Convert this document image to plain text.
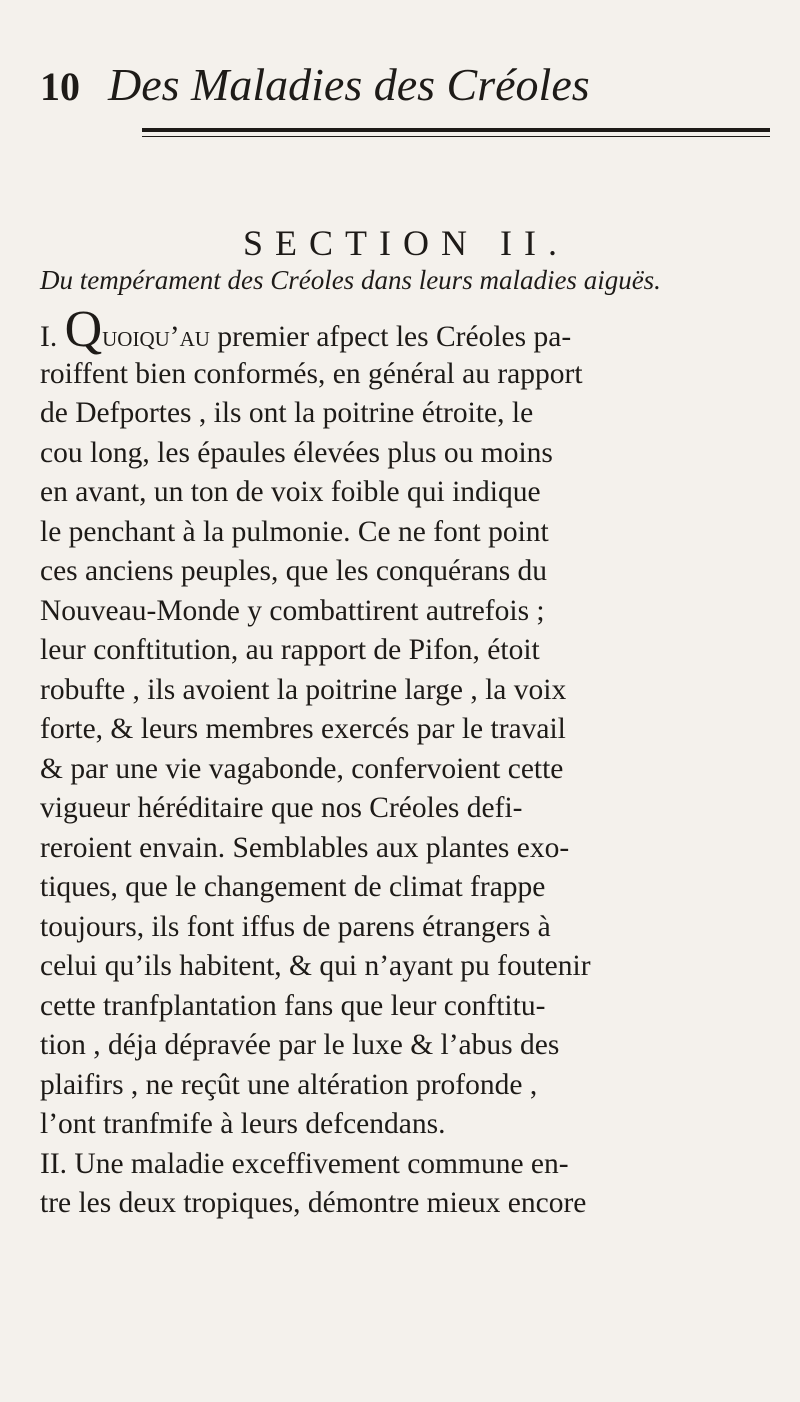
10 Des Maladies des Créoles
SECTION II.
Du tempérament des Créoles dans leurs maladies aiguës.
I. Quoiqu’au premier afpect les Créoles pa-
roiffent bien conformés, en général au rapport
de Defportes , ils ont la poitrine étroite, le
cou long, les épaules élevées plus ou moins
en avant, un ton de voix foible qui indique
le penchant à la pulmonie. Ce ne font point
ces anciens peuples, que les conquérans du
Nouveau-Monde y combattirent autrefois ;
leur conftitution, au rapport de Pifon, étoit
robufte , ils avoient la poitrine large , la voix
forte, & leurs membres exercés par le travail
& par une vie vagabonde, confervoient cette
vigueur héréditaire que nos Créoles defi-
reroient envain. Semblables aux plantes exo-
tiques, que le changement de climat frappe
toujours, ils font iffus de parens étrangers à
celui qu’ils habitent, & qui n’ayant pu foutenir
cette tranfplantation fans que leur conftitu-
tion , déja dépravée par le luxe & l’abus des
plaifirs , ne reçût une altération profonde ,
l’ont tranfmife à leurs defcendans.
II. Une maladie exceffivement commune en-
tre les deux tropiques, démontre mieux encore
